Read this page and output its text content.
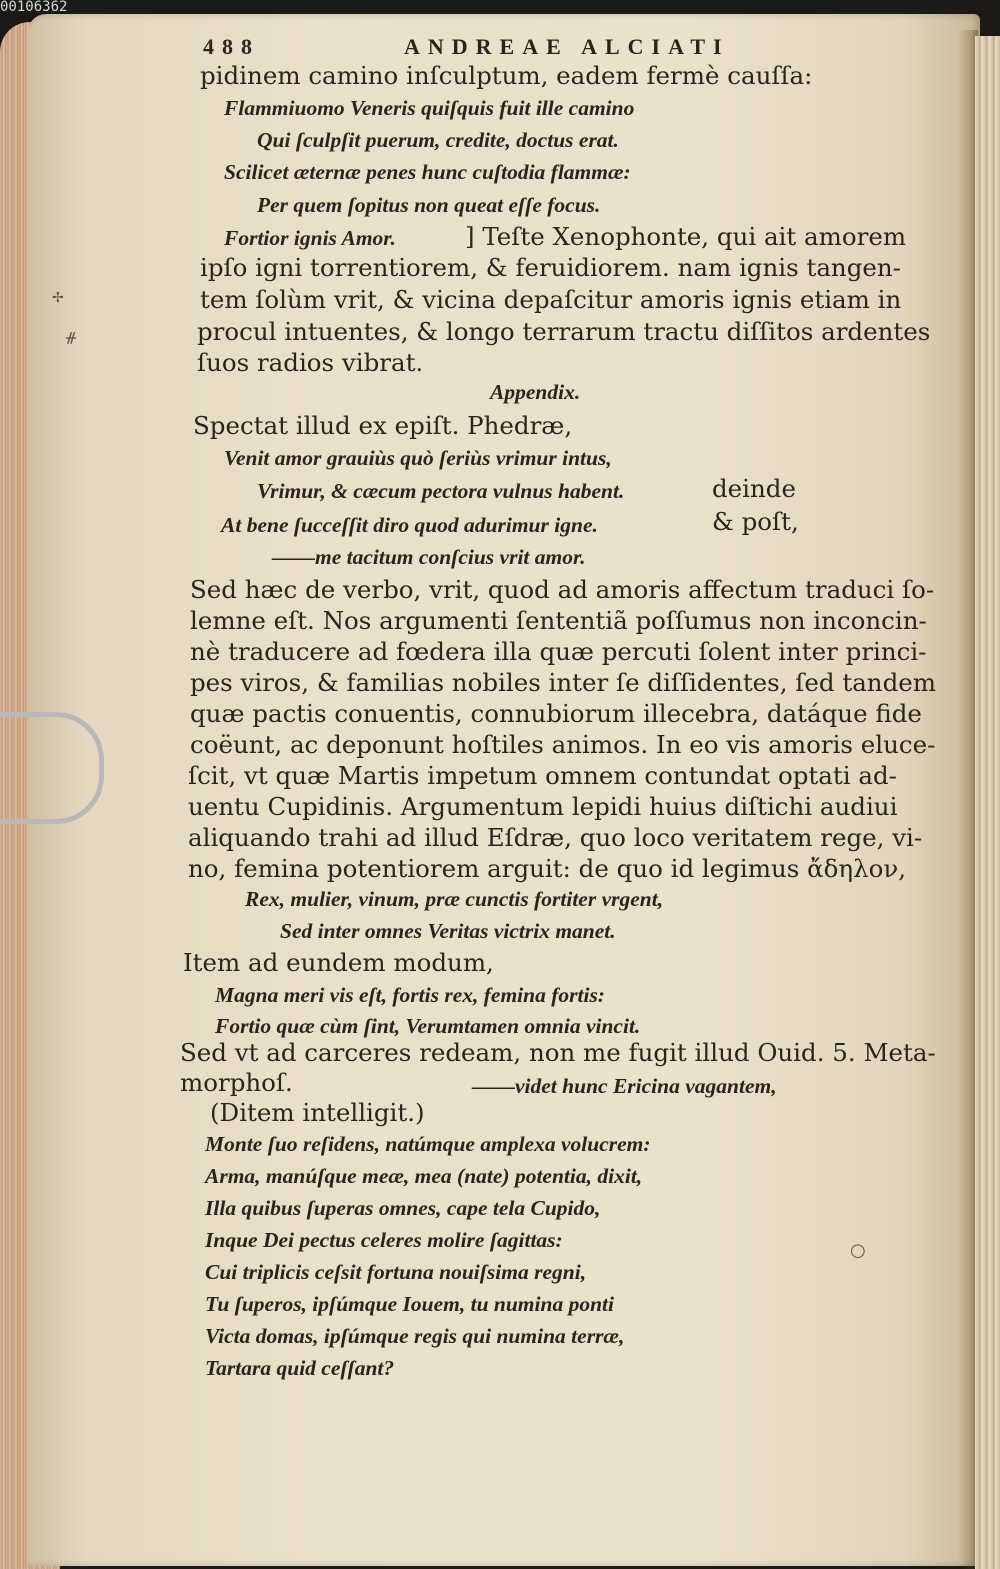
00106362
488	ANDREAE ALCIATI
pidinem camino inſculptum, eadem fermè cauſſa:
Flammiuomo Veneris quiſquis fuit ille camino
Qui ſculpſit puerum, credite, doctus erat.
Scilicet æternæ penes hunc cuſtodia flammæ:
Per quem ſopitus non queat eſſe focus.
Fortior ignis Amor.	] Teſte Xenophonte, qui ait amorem
ipſo igni torrentiorem, & feruidiorem. nam ignis tangen-
tem ſolùm vrit, & vicina depaſcitur amoris ignis etiam in
procul intuentes, & longo terrarum tractu diſſitos ardentes
ſuos radios vibrat.
Appendix.
Spectat illud ex epiſt. Phedræ,
Venit amor grauiùs quò ſeriùs vrimur intus,
Vrimur, & cæcum pectora vulnus habent.	deinde
At bene ſucceſſit diro quod adurimur igne.	& poſt,
——me tacitum conſcius vrit amor.
Sed hæc de verbo, vrit, quod ad amoris affectum traduci ſo-
lemne eſt. Nos argumenti ſententiã poſſumus non inconcin-
nè traducere ad fœdera illa quæ percuti ſolent inter princi-
pes viros, & familias nobiles inter ſe diſſidentes, ſed tandem
quæ pactis conuentis, connubiorum illecebra, datáque fide
coëunt, ac deponunt hoſtiles animos. In eo vis amoris eluce-
ſcit, vt quæ Martis impetum omnem contundat optati ad-
uentu Cupidinis. Argumentum lepidi huius diſtichi audiui
aliquando trahi ad illud Eſdræ, quo loco veritatem rege, vi-
no, femina potentiorem arguit: de quo id legimus ἄδηλον,
Rex, mulier, vinum, præ cunctis fortiter vrgent,
Sed inter omnes Veritas victrix manet.
Item ad eundem modum,
Magna meri vis eſt, fortis rex, femina fortis:
Fortio quæ cùm ſint, Verumtamen omnia vincit.
Sed vt ad carceres redeam, non me fugit illud Ouid. 5. Meta-
morphoſ.	——videt hunc Ericina vagantem,
(Ditem intelligit.)
Monte ſuo reſidens, natúmque amplexa volucrem:
Arma, manúſque meæ, mea (nate) potentia, dixit,
Illa quibus ſuperas omnes, cape tela Cupido,
Inque Dei pectus celeres molire ſagittas:
Cui triplicis ceſsit fortuna nouiſsima regni,
Tu ſuperos, ipſúmque Iouem, tu numina ponti
Victa domas, ipſúmque regis qui numina terræ,
Tartara quid ceſſant?
✢
ᚌ
○
